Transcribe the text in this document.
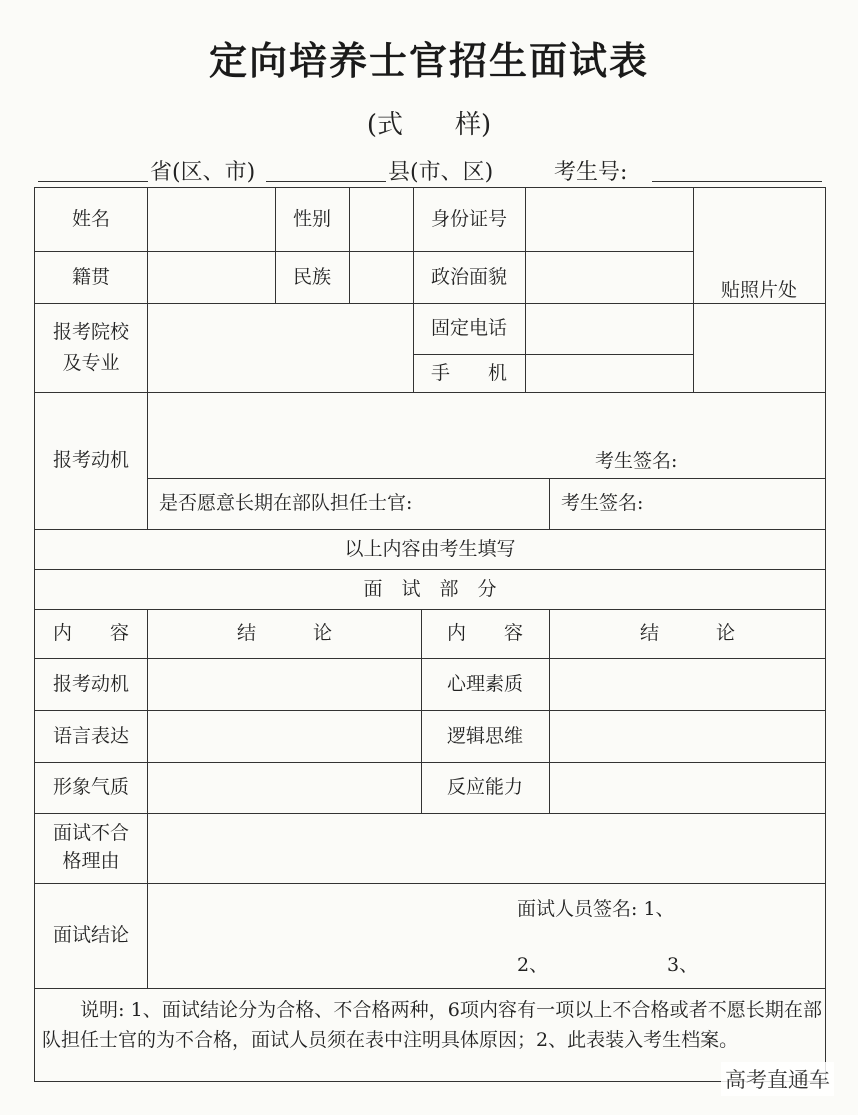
定向培养士官招生面试表
(式　　样)
省(区、市)	县(市、区)	考生号:
姓名	性别	身份证号
贴照片处
籍贯	民族	政治面貌
报考院校
及专业
固定电话
手　　机
报考动机	考生签名:
是否愿意长期在部队担任士官:	考生签名:
以上内容由考生填写
面　试　部　分
内　　容	结　　　论	内　　容	结　　　论
报考动机	心理素质
语言表达	逻辑思维
形象气质	反应能力
面试不合
格理由
面试结论
面试人员签名: 1、
2、	3、
说明: 1、面试结论分为合格、不合格两种，6项内容有一项以上不合格或者不愿长期在部队担任士官的为不合格，面试人员须在表中注明具体原因；2、此表装入考生档案。
高考直通车
